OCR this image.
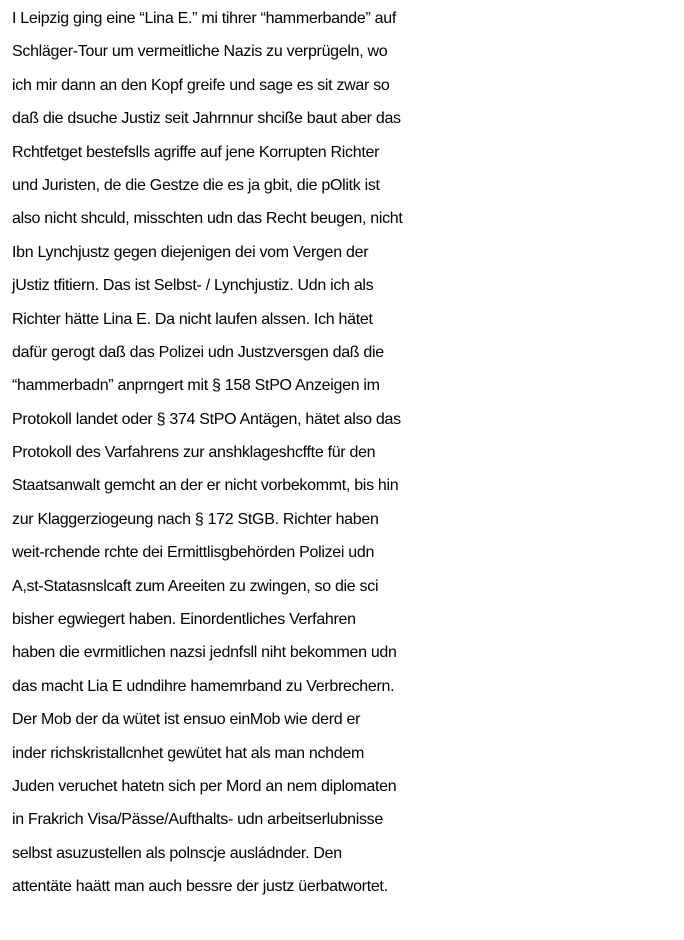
I Leipzig ging eine “Lina E.” mi tihrer “hammerbande” auf
Schläger-Tour um vermeitliche Nazis zu verprügeln, wo
ich mir dann an den Kopf greife und sage es sit zwar so
daß die dsuche Justiz seit Jahrnnur shcißе baut aber das
Rchtfetget bestefslls agriffe auf jene Korrupten Richter
und Juristen, de die Gestze die es ja gbit, die pOlitk ist
also nicht shculd, misschten udn das Recht beugen, nicht
Ibn Lynchjustz gegen diejenigen dei vom Vergen der
jUstiz tfitiern. Das ist Selbst- / Lynchjustiz. Udn ich als
Richter hätte Lina E. Da nicht laufen alssen. Ich hätet
dafür gerogt daß das Polizei udn Justzversgen daß die
“hammerbadn” anprngert mit § 158 StPO Anzeigen im
Protokoll landet oder § 374 StPO Antägen, hätet also das
Protokoll des Varfahrens zur anshklageshcffte für den
Staatsanwalt gemcht an der er nicht vorbekommt, bis hin
zur Klaggerziogeung nach § 172 StGB. Richter haben
weit-rchende rchte dei Ermittlisgbehörden Polizei udn
A,st-Statasnslcaft zum Areeiten zu zwingen, so die sci
bisher egwiegert haben. Einordentliches Verfahren
haben die evrmitlichen nazsi jednfsll niht bekommen udn
das macht Lia E udndihre hamemrband zu Verbrechern.
Der Mob der da wütet ist ensuo einMob wie derd er
inder richskristallcnhet gewütet hat als man nchdem
Juden veruchet hatetn sich per Mord an nem diplomaten
in Frakrich Visa/Pässe/Aufthalts- udn arbeitserlubnisse
selbst asuzustellen als polnscje ausládnder. Den
attentäte haätt man auch bessre der justz üerbatwortet.
